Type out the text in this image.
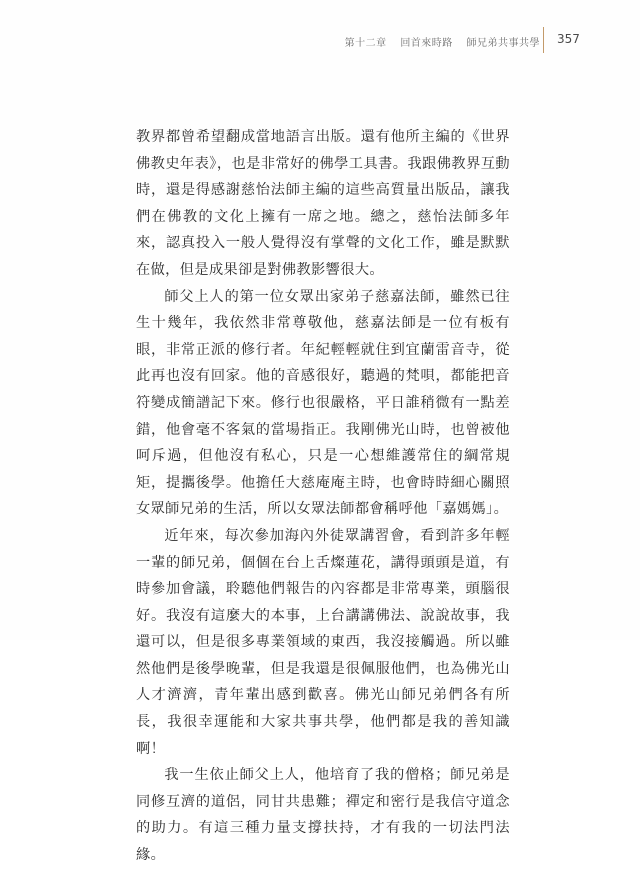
第十二章 回首來時路 師兄弟共事共學 357

教界都曾希望翻成當地語言出版。還有他所主編的《世界佛教史年表》，也是非常好的佛學工具書。我跟佛教界互動時，還是得感謝慈怡法師主編的這些高質量出版品，讓我們在佛教的文化上擁有一席之地。總之，慈怡法師多年來，認真投入一般人覺得沒有掌聲的文化工作，雖是默默在做，但是成果卻是對佛教影響很大。

師父上人的第一位女眾出家弟子慈嘉法師，雖然已往生十幾年，我依然非常尊敬他，慈嘉法師是一位有板有眼，非常正派的修行者。年紀輕輕就住到宜蘭雷音寺，從此再也沒有回家。他的音感很好，聽過的梵唄，都能把音符變成簡譜記下來。修行也很嚴格，平日誰稍微有一點差錯，他會毫不客氣的當場指正。我剛佛光山時，也曾被他呵斥過，但他沒有私心，只是一心想維護常住的綱常規矩，提攜後學。他擔任大慈庵庵主時，也會時時細心關照女眾師兄弟的生活，所以女眾法師都會稱呼他「嘉媽媽」。

近年來，每次參加海內外徒眾講習會，看到許多年輕一輩的師兄弟，個個在台上舌燦蓮花，講得頭頭是道，有時參加會議，聆聽他們報告的內容都是非常專業，頭腦很好。我沒有這麼大的本事，上台講講佛法、說說故事，我還可以，但是很多專業領域的東西，我沒接觸過。所以雖然他們是後學晚輩，但是我還是很佩服他們，也為佛光山人才濟濟，青年輩出感到歡喜。佛光山師兄弟們各有所長，我很幸運能和大家共事共學，他們都是我的善知識啊！

我一生依止師父上人，他培育了我的僧格；師兄弟是同修互濟的道侶，同甘共患難；禪定和密行是我信守道念的助力。有這三種力量支撐扶持，才有我的一切法門法緣。
